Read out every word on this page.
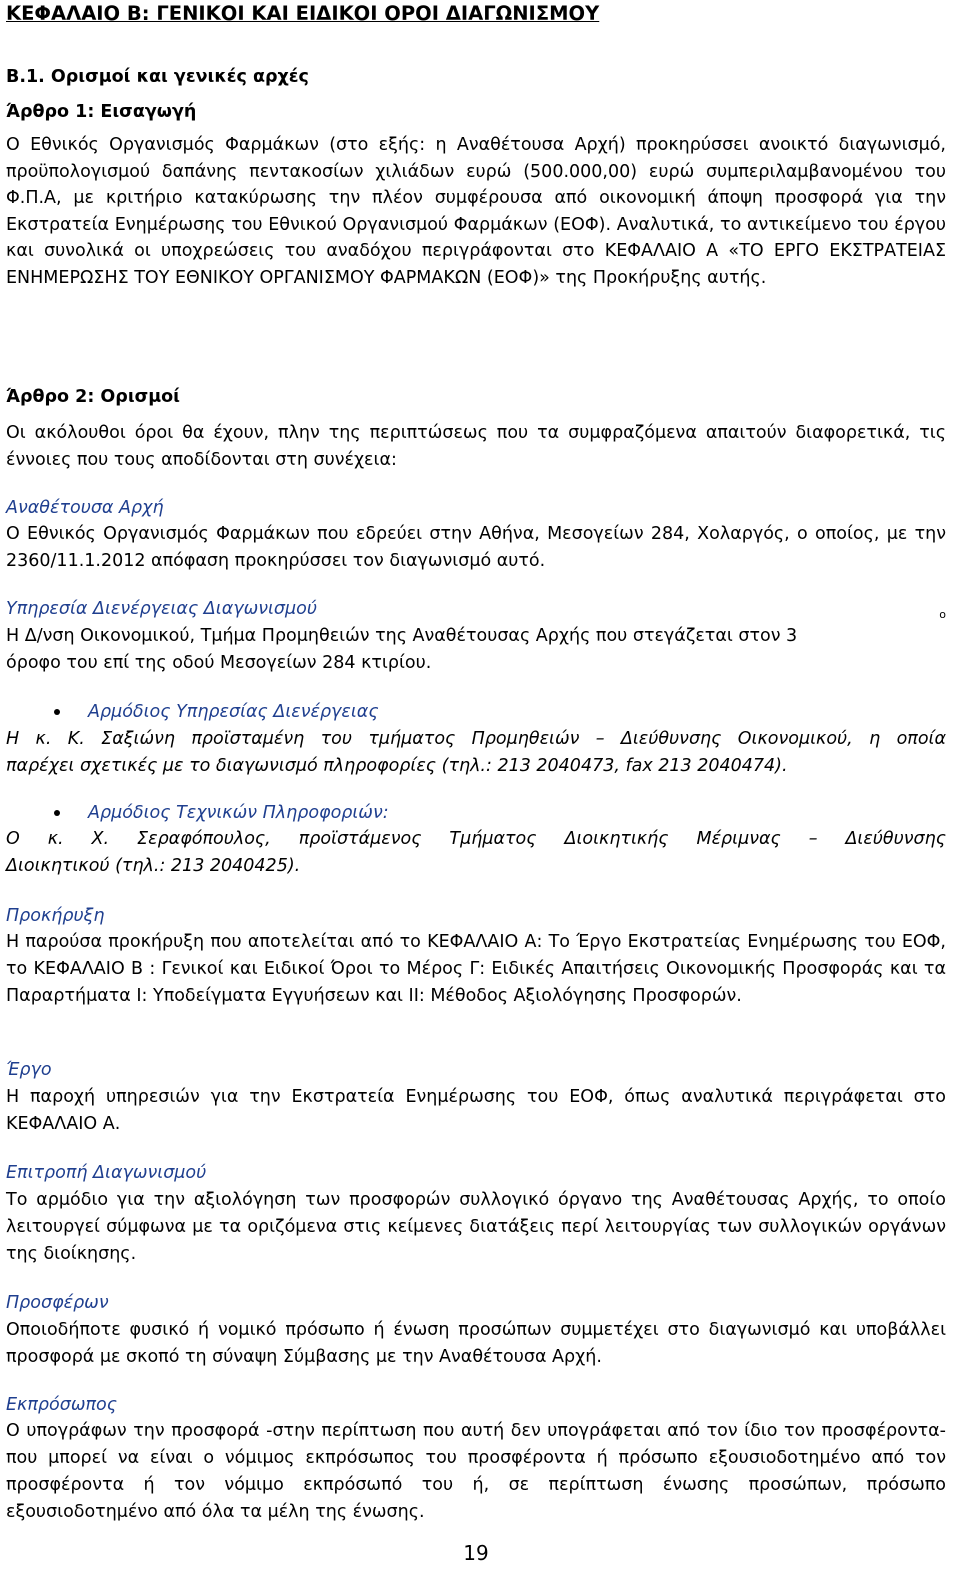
ΚΕΦΑΛΑΙΟ Β: ΓΕΝΙΚΟΙ ΚΑΙ ΕΙΔΙΚΟΙ ΟΡΟΙ ΔΙΑΓΩΝΙΣΜΟΥ
Β.1. Ορισμοί και γενικές αρχές
Άρθρο 1: Εισαγωγή
Ο Εθνικός Οργανισμός Φαρμάκων (στο εξής: η Αναθέτουσα Αρχή) προκηρύσσει ανοικτό διαγωνισμό, προϋπολογισμού δαπάνης πεντακοσίων χιλιάδων ευρώ (500.000,00) ευρώ συμπεριλαμβανομένου του Φ.Π.Α, με κριτήριο κατακύρωσης την πλέον συμφέρουσα από οικονομική άποψη προσφορά για την Εκστρατεία Ενημέρωσης του Εθνικού Οργανισμού Φαρμάκων (ΕΟΦ). Αναλυτικά, το αντικείμενο του έργου και συνολικά οι υποχρεώσεις του αναδόχου περιγράφονται στο ΚΕΦΑΛΑΙΟ Α «ΤΟ ΕΡΓΟ ΕΚΣΤΡΑΤΕΙΑΣ ΕΝΗΜΕΡΩΣΗΣ ΤΟΥ ΕΘΝΙΚΟΥ ΟΡΓΑΝΙΣΜΟΥ ΦΑΡΜΑΚΩΝ (ΕΟΦ)» της Προκήρυξης αυτής.
Άρθρο 2: Ορισμοί
Οι ακόλουθοι όροι θα έχουν, πλην της περιπτώσεως που τα συμφραζόμενα απαιτούν διαφορετικά, τις έννοιες που τους αποδίδονται στη συνέχεια:
Αναθέτουσα Αρχή
Ο Εθνικός Οργανισμός Φαρμάκων που εδρεύει στην Αθήνα, Μεσογείων 284, Χολαργός, ο οποίος, με την 2360/11.1.2012 απόφαση προκηρύσσει τον διαγωνισμό αυτό.
Υπηρεσία Διενέργειας Διαγωνισμού
Η Δ/νση Οικονομικού, Τμήμα Προμηθειών της Αναθέτουσας Αρχής που στεγάζεται στον 3
$^o$
όροφο του επί της οδού Μεσογείων 284 κτιρίου.
Αρμόδιος Υπηρεσίας Διενέργειας
Η κ. Κ. Σαξιώνη προϊσταμένη του τμήματος Προμηθειών – Διεύθυνσης Οικονομικού, η οποία
παρέχει σχετικές με το διαγωνισμό πληροφορίες (τηλ.: 213 2040473, fax 213 2040474).
Αρμόδιος Τεχνικών Πληροφοριών:
Ο κ. Χ. Σεραφόπουλος, προϊστάμενος Τμήματος Διοικητικής Μέριμνας – Διεύθυνσης
Διοικητικού (τηλ.: 213 2040425).
Προκήρυξη
Η παρούσα προκήρυξη που αποτελείται από το ΚΕΦΑΛΑΙΟ Α: Το Έργο Εκστρατείας Ενημέρωσης του ΕΟΦ, το ΚΕΦΑΛΑΙΟ Β : Γενικοί και Ειδικοί Όροι το Μέρος Γ: Ειδικές Απαιτήσεις Οικονομικής Προσφοράς και τα Παραρτήματα Ι: Υποδείγματα Εγγυήσεων και ΙΙ: Μέθοδος Αξιολόγησης Προσφορών.
Έργο
Η παροχή υπηρεσιών για την Εκστρατεία Ενημέρωσης του ΕΟΦ, όπως αναλυτικά περιγράφεται στο ΚΕΦΑΛΑΙΟ Α.
Επιτροπή Διαγωνισμού
Το αρμόδιο για την αξιολόγηση των προσφορών συλλογικό όργανο της Αναθέτουσας Αρχής, το οποίο λειτουργεί σύμφωνα με τα οριζόμενα στις κείμενες διατάξεις περί λειτουργίας των συλλογικών οργάνων της διοίκησης.
Προσφέρων
Οποιοδήποτε φυσικό ή νομικό πρόσωπο ή ένωση προσώπων συμμετέχει στο διαγωνισμό και υποβάλλει προσφορά με σκοπό τη σύναψη Σύμβασης με την Αναθέτουσα Αρχή.
Εκπρόσωπος
Ο υπογράφων την προσφορά -στην περίπτωση που αυτή δεν υπογράφεται από τον ίδιο τον προσφέροντα- που μπορεί να είναι ο νόμιμος εκπρόσωπος του προσφέροντα ή πρόσωπο εξουσιοδοτημένο από τον προσφέροντα ή τον νόμιμο εκπρόσωπό του ή, σε περίπτωση ένωσης προσώπων, πρόσωπο εξουσιοδοτημένο από όλα τα μέλη της ένωσης.
19
